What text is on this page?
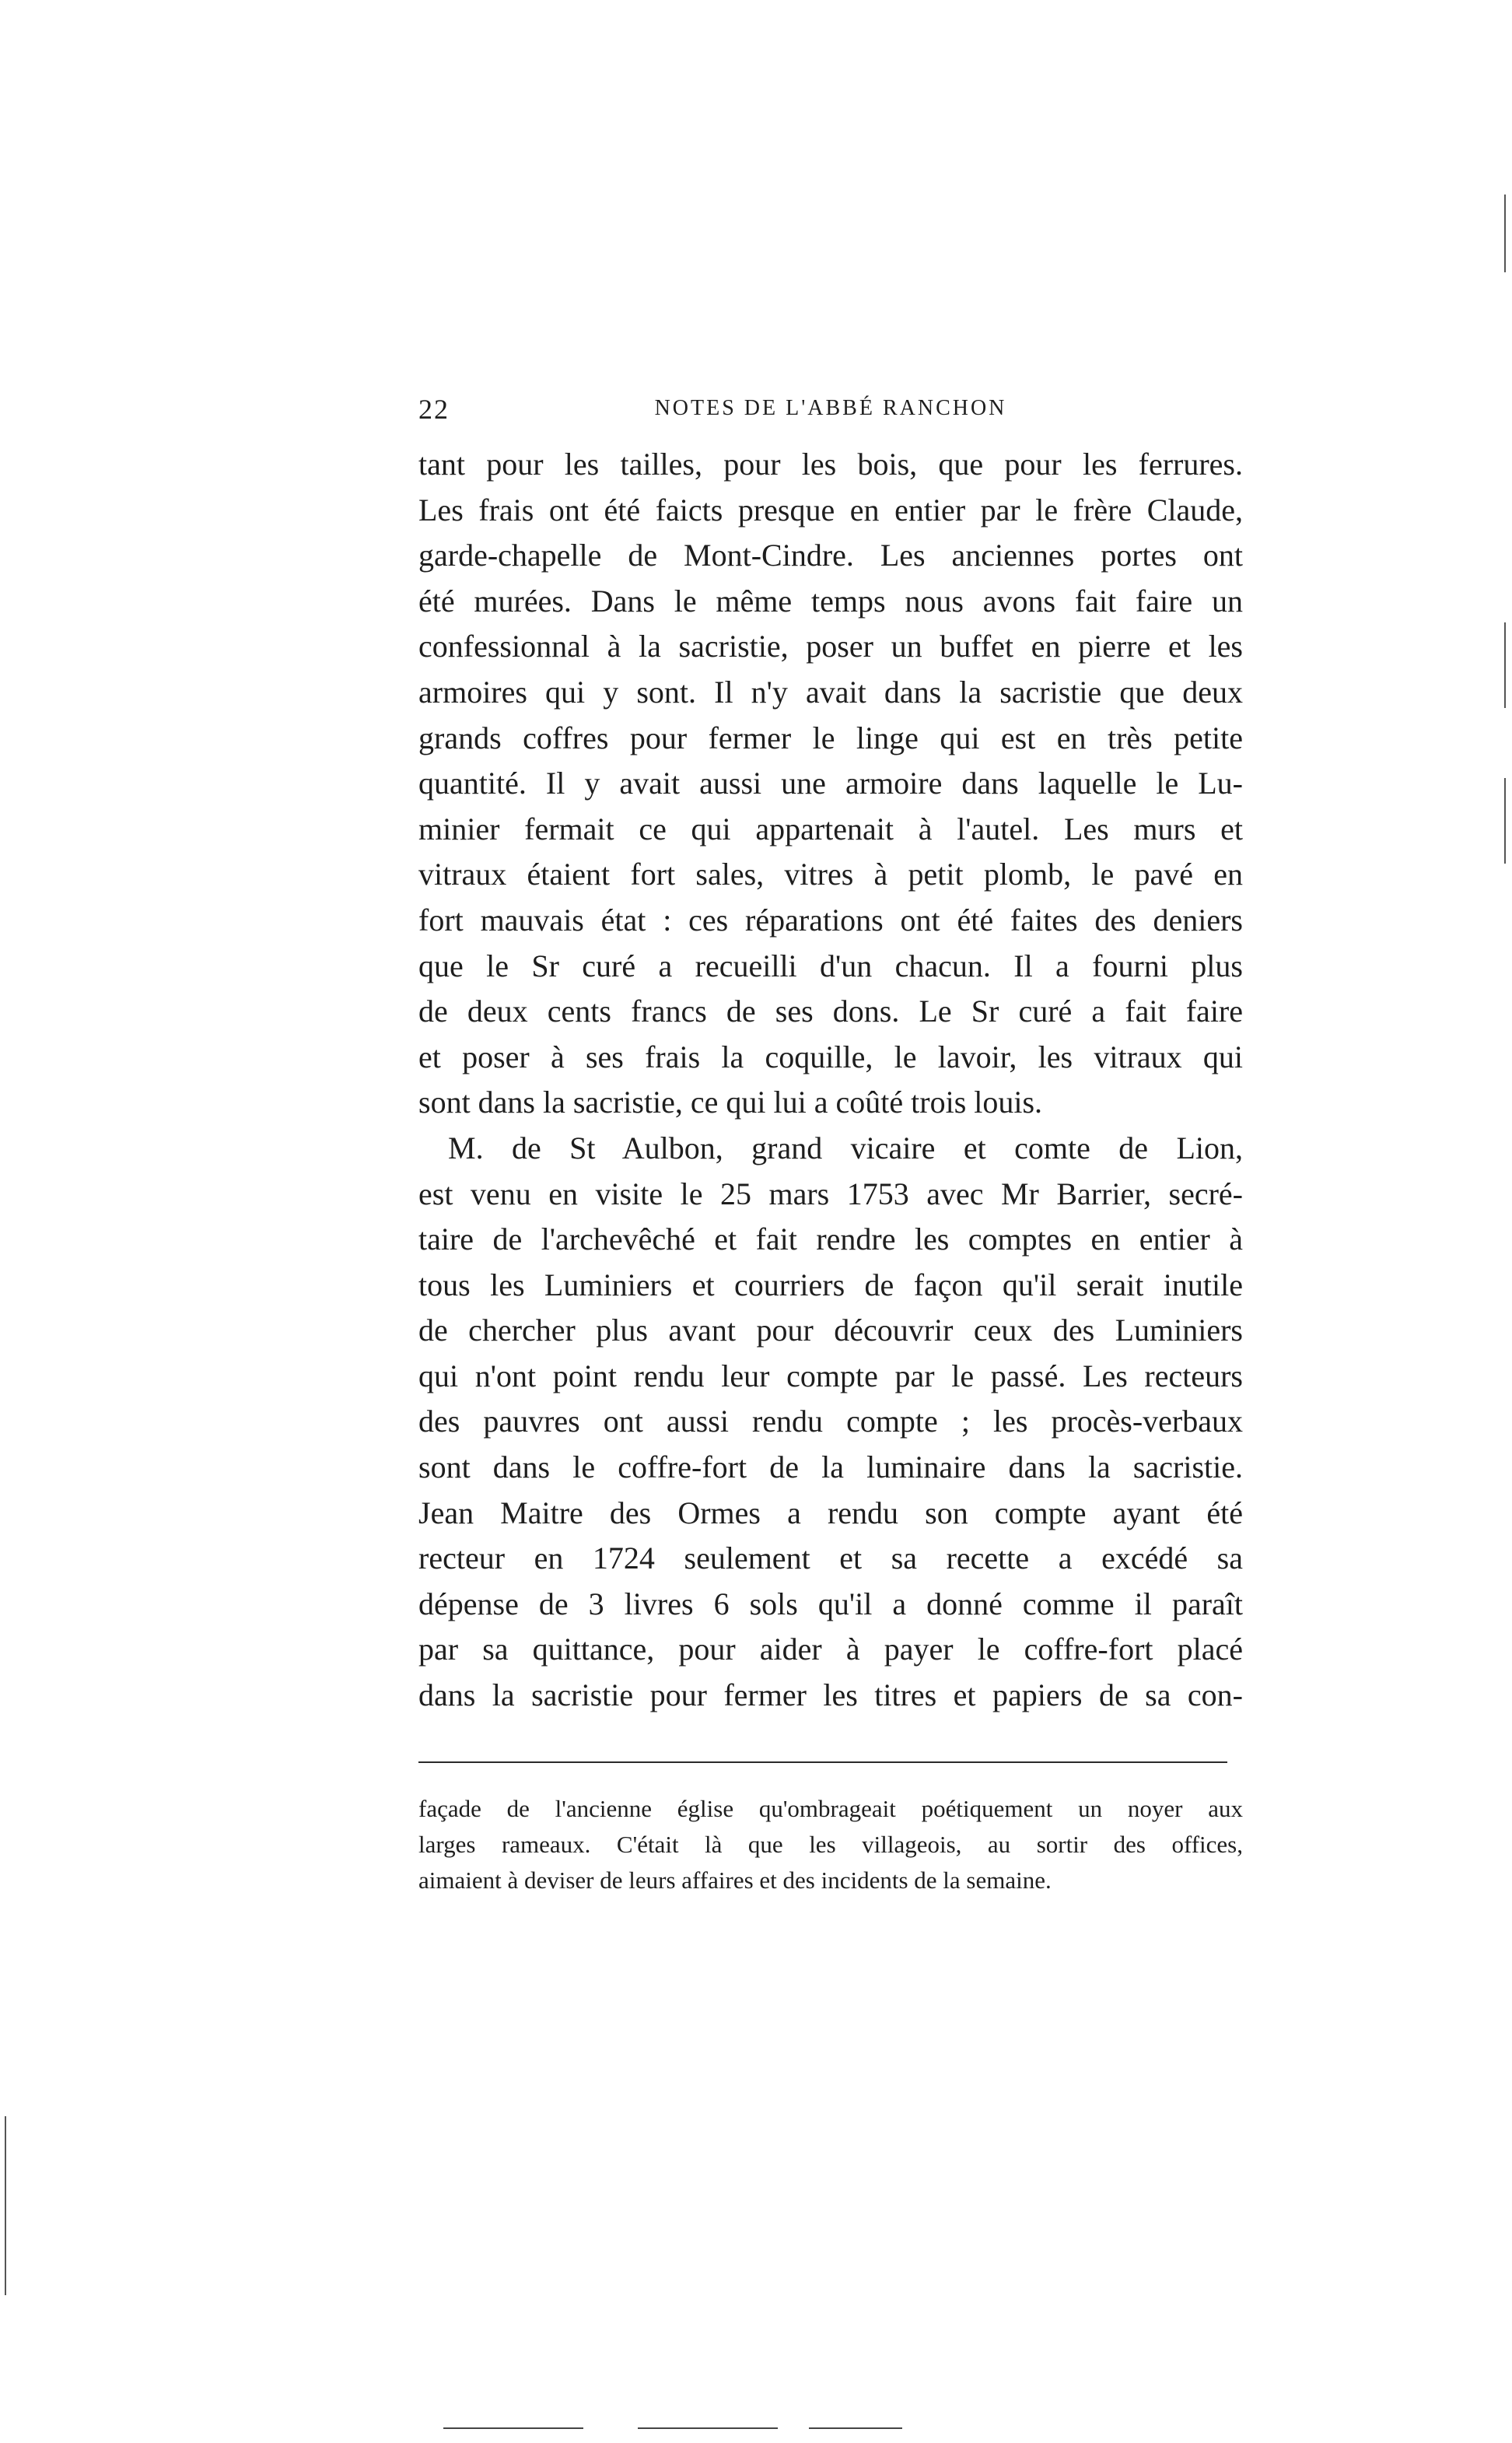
22	NOTES DE L'ABBÉ RANCHON
tant pour les tailles, pour les bois, que pour les ferrures.
Les frais ont été faicts presque en entier par le frère Claude,
garde-chapelle de Mont-Cindre. Les anciennes portes ont
été murées. Dans le même temps nous avons fait faire un
confessionnal à la sacristie, poser un buffet en pierre et les
armoires qui y sont. Il n'y avait dans la sacristie que deux
grands coffres pour fermer le linge qui est en très petite
quantité. Il y avait aussi une armoire dans laquelle le Lu-
minier fermait ce qui appartenait à l'autel. Les murs et
vitraux étaient fort sales, vitres à petit plomb, le pavé en
fort mauvais état : ces réparations ont été faites des deniers
que le Sr curé a recueilli d'un chacun. Il a fourni plus
de deux cents francs de ses dons. Le Sr curé a fait faire
et poser à ses frais la coquille, le lavoir, les vitraux qui
sont dans la sacristie, ce qui lui a coûté trois louis.
M. de St Aulbon, grand vicaire et comte de Lion,
est venu en visite le 25 mars 1753 avec Mr Barrier, secré-
taire de l'archevêché et fait rendre les comptes en entier à
tous les Luminiers et courriers de façon qu'il serait inutile
de chercher plus avant pour découvrir ceux des Luminiers
qui n'ont point rendu leur compte par le passé. Les recteurs
des pauvres ont aussi rendu compte ; les procès-verbaux
sont dans le coffre-fort de la luminaire dans la sacristie.
Jean Maitre des Ormes a rendu son compte ayant été
recteur en 1724 seulement et sa recette a excédé sa
dépense de 3 livres 6 sols qu'il a donné comme il paraît
par sa quittance, pour aider à payer le coffre-fort placé
dans la sacristie pour fermer les titres et papiers de sa con-
façade de l'ancienne église qu'ombrageait poétiquement un noyer aux
larges rameaux. C'était là que les villageois, au sortir des offices,
aimaient à deviser de leurs affaires et des incidents de la semaine.
